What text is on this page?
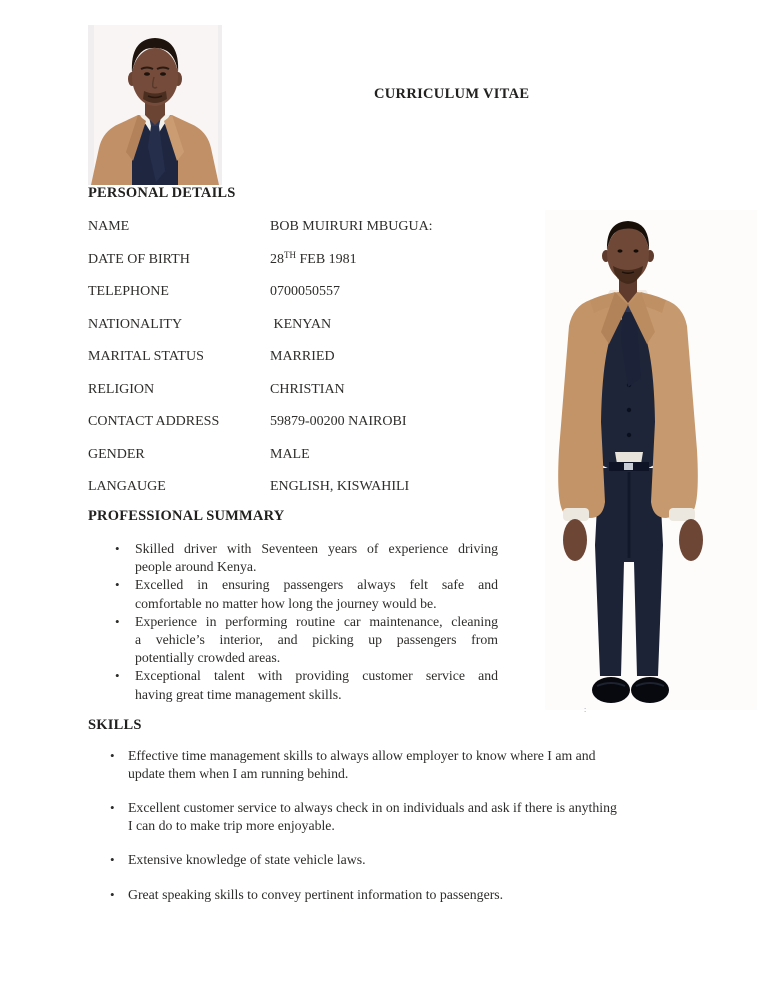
CURRICULUM VITAE
PERSONAL DETAILS
NAME	BOB MUIRURI MBUGUA:
DATE OF BIRTH	28TH FEB 1981
TELEPHONE	0700050557
NATIONALITY	KENYAN
MARITAL STATUS	MARRIED
RELIGION	CHRISTIAN
CONTACT ADDRESS	59879-00200 NAIROBI
GENDER	MALE
LANGAUGE	ENGLISH, KISWAHILI
PROFESSIONAL SUMMARY
• Skilled driver with Seventeen years of experience driving
people around Kenya.
• Excelled in ensuring passengers always felt safe and
comfortable no matter how long the journey would be.
• Experience in performing routine car maintenance, cleaning
a vehicle’s interior, and picking up passengers from
potentially crowded areas.
• Exceptional talent with providing customer service and
having great time management skills.
SKILLS
• Effective time management skills to always allow employer to know where I am and
update them when I am running behind.
• Excellent customer service to always check in on individuals and ask if there is anything
I can do to make trip more enjoyable.
• Extensive knowledge of state vehicle laws.
• Great speaking skills to convey pertinent information to passengers.
:
